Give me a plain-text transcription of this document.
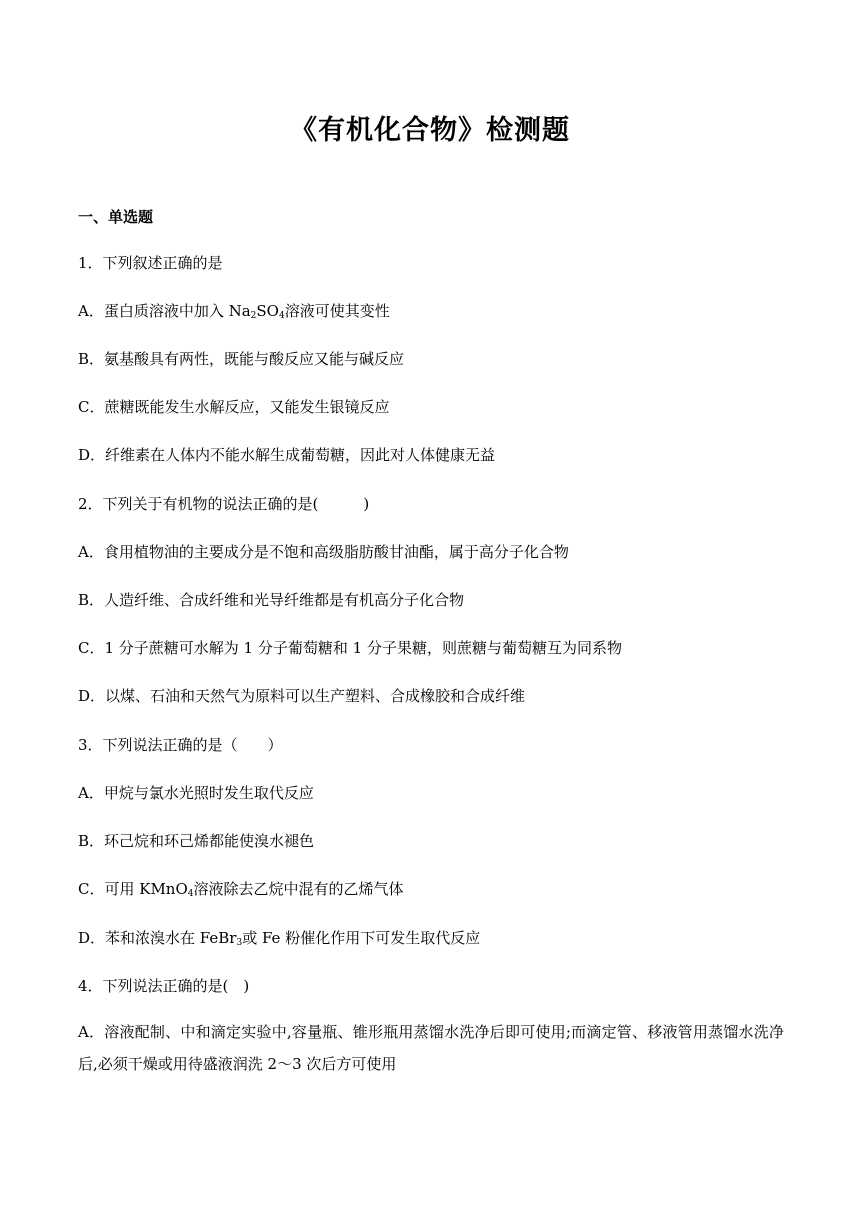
《有机化合物》检测题
一、单选题
1．下列叙述正确的是
A．蛋白质溶液中加入 $Na_2SO_4$溶液可使其变性
B．氨基酸具有两性，既能与酸反应又能与碱反应
C．蔗糖既能发生水解反应，又能发生银镜反应
D．纤维素在人体内不能水解生成葡萄糖，因此对人体健康无益
2．下列关于有机物的说法正确的是(　　　)
A．食用植物油的主要成分是不饱和高级脂肪酸甘油酯，属于高分子化合物
B．人造纤维、合成纤维和光导纤维都是有机高分子化合物
C．1 分子蔗糖可水解为 1 分子葡萄糖和 1 分子果糖，则蔗糖与葡萄糖互为同系物
D．以煤、石油和天然气为原料可以生产塑料、合成橡胶和合成纤维
3．下列说法正确的是（　　）
A．甲烷与氯水光照时发生取代反应
B．环己烷和环己烯都能使溴水褪色
C．可用 KMnO$_4$溶液除去乙烷中混有的乙烯气体
D．苯和浓溴水在 FeBr$_3$或 Fe 粉催化作用下可发生取代反应
4．下列说法正确的是(　)
A．溶液配制、中和滴定实验中,容量瓶、锥形瓶用蒸馏水洗净后即可使用;而滴定管、移液管用蒸馏水洗净后,必须干燥或用待盛液润洗 2～3 次后方可使用
